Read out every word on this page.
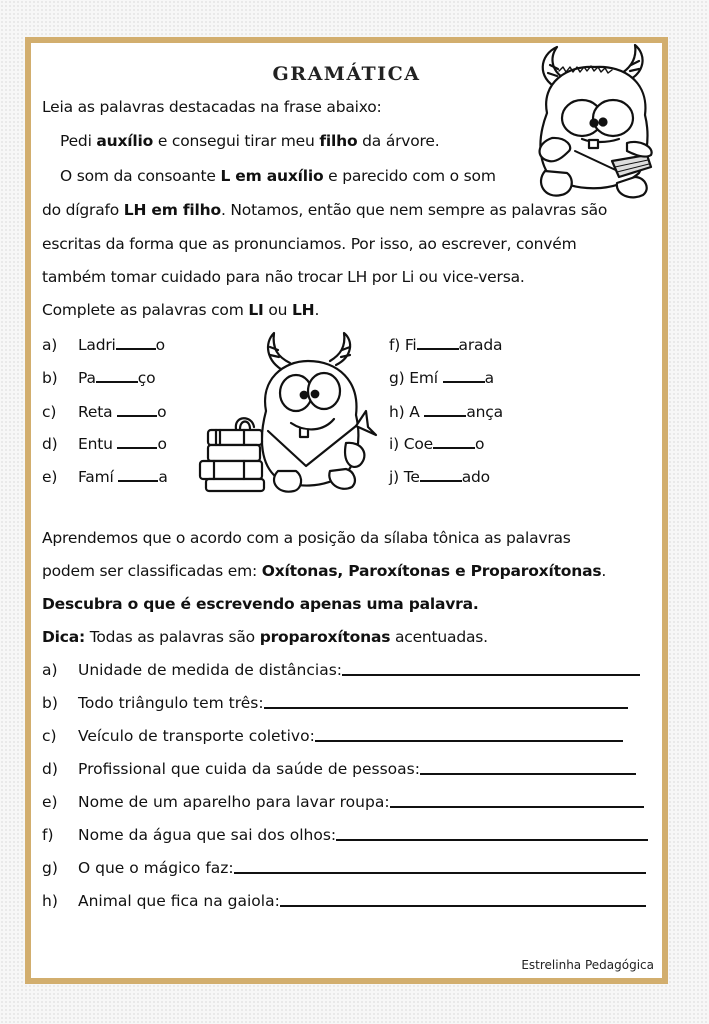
GRAMÁTICA
Leia as palavras destacadas na frase abaixo:
Pedi auxílio e consegui tirar meu filho da árvore.
O som da consoante L em auxílio e parecido com o som
do dígrafo LH em filho. Notamos, então que nem sempre as palavras são
escritas da forma que as pronunciamos. Por isso, ao escrever, convém
também tomar cuidado para não trocar LH por Li ou vice-versa.
Complete as palavras com LI ou LH.
a) Ladri	o
b) Pa	ço
c) Reta	o
d) Entu	o
e) Famí	a
f) Fi	arada
g) Emí	a
h) A	ança
i) Coe	o
j) Te	ado
Aprendemos que o acordo com a posição da sílaba tônica as palavras
podem ser classificadas em: Oxítonas, Paroxítonas e Proparoxítonas.
Descubra o que é escrevendo apenas uma palavra.
Dica: Todas as palavras são proparoxítonas acentuadas.
a)	Unidade de medida de distâncias:
b)	Todo triângulo tem três:
c)	Veículo de transporte coletivo:
d)	Profissional que cuida da saúde de pessoas:
e)	Nome de um aparelho para lavar roupa:
f)	Nome da água que sai dos olhos:
g)	O que o mágico faz:
h)	Animal que fica na gaiola:
Estrelinha Pedagógica
